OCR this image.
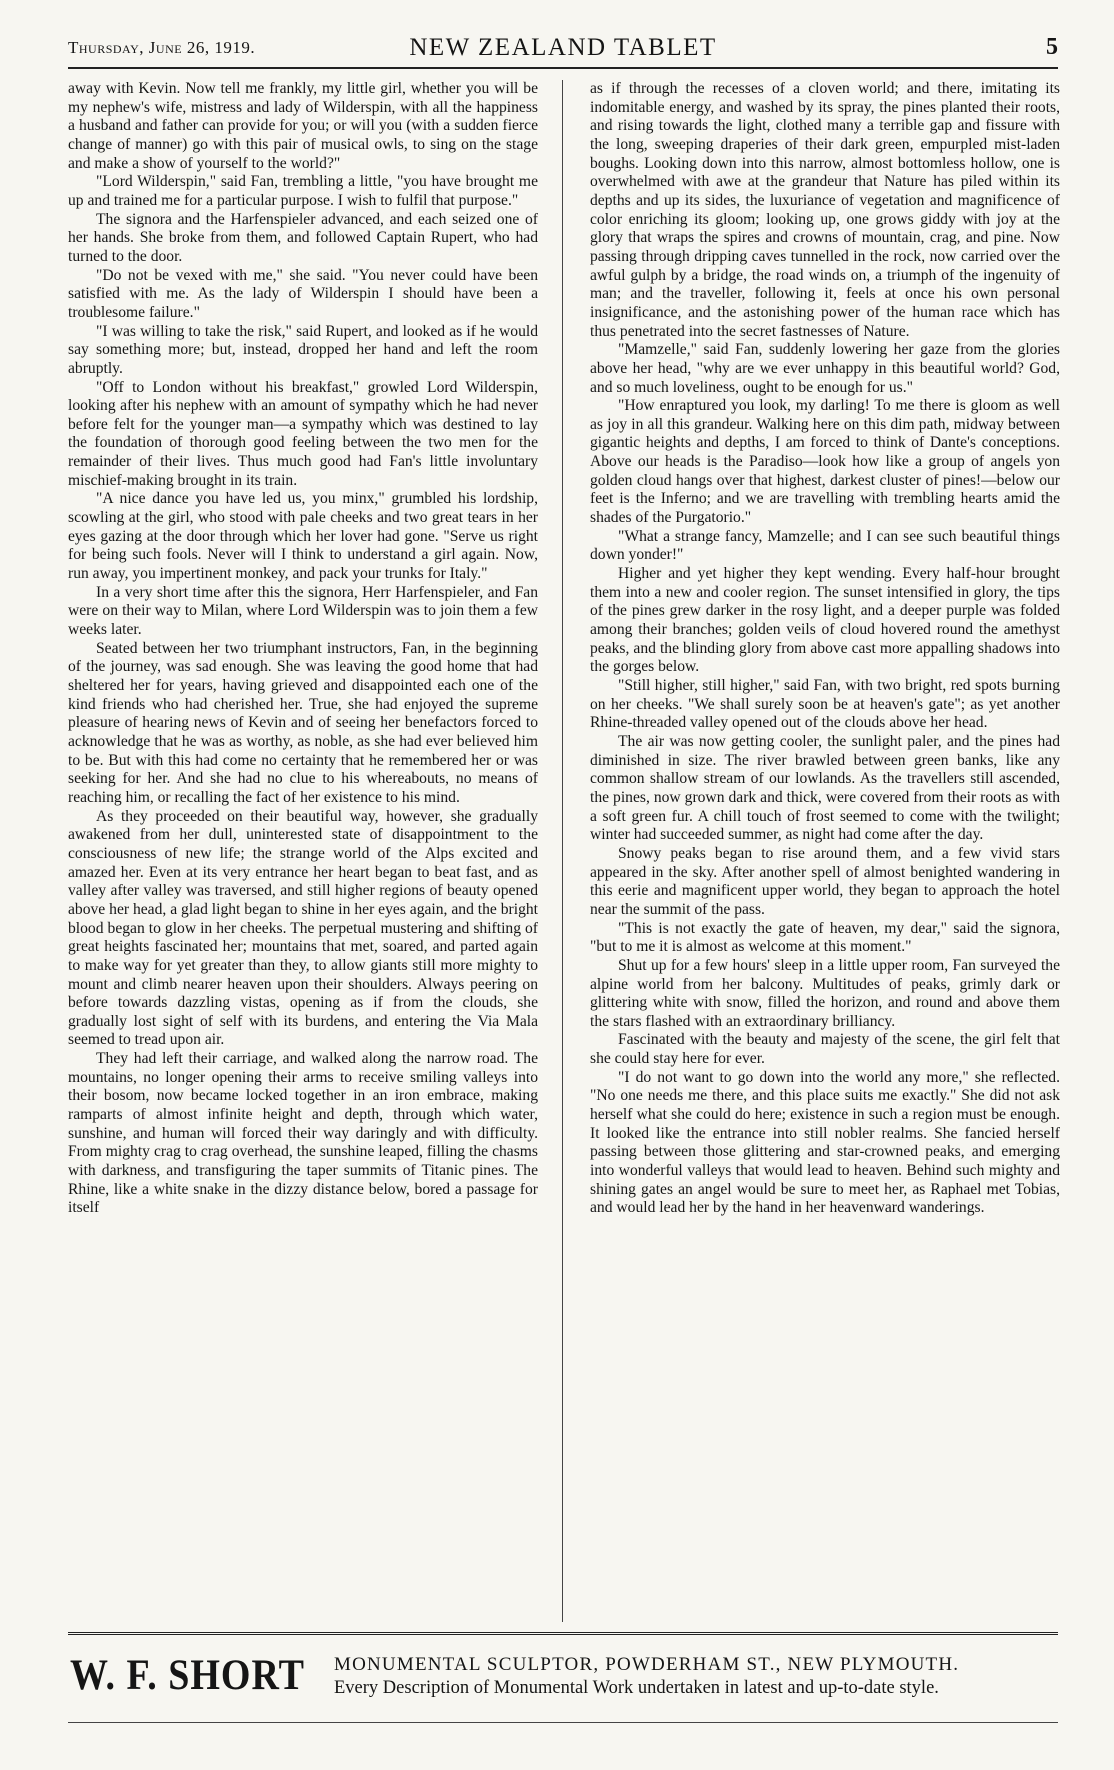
Thursday, June 26, 1919.	NEW ZEALAND TABLET	5

away with Kevin. Now tell me frankly, my little girl, whether you will be my nephew's wife, mistress and lady of Wilderspin, with all the happiness a husband and father can provide for you; or will you (with a sudden fierce change of manner) go with this pair of musical owls, to sing on the stage and make a show of yourself to the world?"

"Lord Wilderspin," said Fan, trembling a little, "you have brought me up and trained me for a particular purpose. I wish to fulfil that purpose."

The signora and the Harfenspieler advanced, and each seized one of her hands. She broke from them, and followed Captain Rupert, who had turned to the door.

"Do not be vexed with me," she said. "You never could have been satisfied with me. As the lady of Wilderspin I should have been a troublesome failure."

"I was willing to take the risk," said Rupert, and looked as if he would say something more; but, instead, dropped her hand and left the room abruptly.

"Off to London without his breakfast," growled Lord Wilderspin, looking after his nephew with an amount of sympathy which he had never before felt for the younger man—a sympathy which was destined to lay the foundation of thorough good feeling between the two men for the remainder of their lives. Thus much good had Fan's little involuntary mischief-making brought in its train.

"A nice dance you have led us, you minx," grumbled his lordship, scowling at the girl, who stood with pale cheeks and two great tears in her eyes gazing at the door through which her lover had gone. "Serve us right for being such fools. Never will I think to understand a girl again. Now, run away, you impertinent monkey, and pack your trunks for Italy."

In a very short time after this the signora, Herr Harfenspieler, and Fan were on their way to Milan, where Lord Wilderspin was to join them a few weeks later.

Seated between her two triumphant instructors, Fan, in the beginning of the journey, was sad enough. She was leaving the good home that had sheltered her for years, having grieved and disappointed each one of the kind friends who had cherished her. True, she had enjoyed the supreme pleasure of hearing news of Kevin and of seeing her benefactors forced to acknowledge that he was as worthy, as noble, as she had ever believed him to be. But with this had come no certainty that he remembered her or was seeking for her. And she had no clue to his whereabouts, no means of reaching him, or recalling the fact of her existence to his mind.

As they proceeded on their beautiful way, however, she gradually awakened from her dull, uninterested state of disappointment to the consciousness of new life; the strange world of the Alps excited and amazed her. Even at its very entrance her heart began to beat fast, and as valley after valley was traversed, and still higher regions of beauty opened above her head, a glad light began to shine in her eyes again, and the bright blood began to glow in her cheeks. The perpetual mustering and shifting of great heights fascinated her; mountains that met, soared, and parted again to make way for yet greater than they, to allow giants still more mighty to mount and climb nearer heaven upon their shoulders. Always peering on before towards dazzling vistas, opening as if from the clouds, she gradually lost sight of self with its burdens, and entering the Via Mala seemed to tread upon air.

They had left their carriage, and walked along the narrow road. The mountains, no longer opening their arms to receive smiling valleys into their bosom, now became locked together in an iron embrace, making ramparts of almost infinite height and depth, through which water, sunshine, and human will forced their way daringly and with difficulty. From mighty crag to crag overhead, the sunshine leaped, filling the chasms with darkness, and transfiguring the taper summits of Titanic pines. The Rhine, like a white snake in the dizzy distance below, bored a passage for itself

as if through the recesses of a cloven world; and there, imitating its indomitable energy, and washed by its spray, the pines planted their roots, and rising towards the light, clothed many a terrible gap and fissure with the long, sweeping draperies of their dark green, empurpled mist-laden boughs. Looking down into this narrow, almost bottomless hollow, one is overwhelmed with awe at the grandeur that Nature has piled within its depths and up its sides, the luxuriance of vegetation and magnificence of color enriching its gloom; looking up, one grows giddy with joy at the glory that wraps the spires and crowns of mountain, crag, and pine. Now passing through dripping caves tunnelled in the rock, now carried over the awful gulph by a bridge, the road winds on, a triumph of the ingenuity of man; and the traveller, following it, feels at once his own personal insignificance, and the astonishing power of the human race which has thus penetrated into the secret fastnesses of Nature.

"Mamzelle," said Fan, suddenly lowering her gaze from the glories above her head, "why are we ever unhappy in this beautiful world? God, and so much loveliness, ought to be enough for us."

"How enraptured you look, my darling! To me there is gloom as well as joy in all this grandeur. Walking here on this dim path, midway between gigantic heights and depths, I am forced to think of Dante's conceptions. Above our heads is the Paradiso—look how like a group of angels yon golden cloud hangs over that highest, darkest cluster of pines!—below our feet is the Inferno; and we are travelling with trembling hearts amid the shades of the Purgatorio."

"What a strange fancy, Mamzelle; and I can see such beautiful things down yonder!"

Higher and yet higher they kept wending. Every half-hour brought them into a new and cooler region. The sunset intensified in glory, the tips of the pines grew darker in the rosy light, and a deeper purple was folded among their branches; golden veils of cloud hovered round the amethyst peaks, and the blinding glory from above cast more appalling shadows into the gorges below.

"Still higher, still higher," said Fan, with two bright, red spots burning on her cheeks. "We shall surely soon be at heaven's gate"; as yet another Rhine-threaded valley opened out of the clouds above her head.

The air was now getting cooler, the sunlight paler, and the pines had diminished in size. The river brawled between green banks, like any common shallow stream of our lowlands. As the travellers still ascended, the pines, now grown dark and thick, were covered from their roots as with a soft green fur. A chill touch of frost seemed to come with the twilight; winter had succeeded summer, as night had come after the day.

Snowy peaks began to rise around them, and a few vivid stars appeared in the sky. After another spell of almost benighted wandering in this eerie and magnificent upper world, they began to approach the hotel near the summit of the pass.

"This is not exactly the gate of heaven, my dear," said the signora, "but to me it is almost as welcome at this moment."

Shut up for a few hours' sleep in a little upper room, Fan surveyed the alpine world from her balcony. Multitudes of peaks, grimly dark or glittering white with snow, filled the horizon, and round and above them the stars flashed with an extraordinary brilliancy.

Fascinated with the beauty and majesty of the scene, the girl felt that she could stay here for ever.

"I do not want to go down into the world any more," she reflected. "No one needs me there, and this place suits me exactly." She did not ask herself what she could do here; existence in such a region must be enough. It looked like the entrance into still nobler realms. She fancied herself passing between those glittering and star-crowned peaks, and emerging into wonderful valleys that would lead to heaven. Behind such mighty and shining gates an angel would be sure to meet her, as Raphael met Tobias, and would lead her by the hand in her heavenward wanderings.

W. F. SHORT MONUMENTAL SCULPTOR, POWDERHAM ST., NEW PLYMOUTH.
Every Description of Monumental Work undertaken in latest and up-to-date style.
